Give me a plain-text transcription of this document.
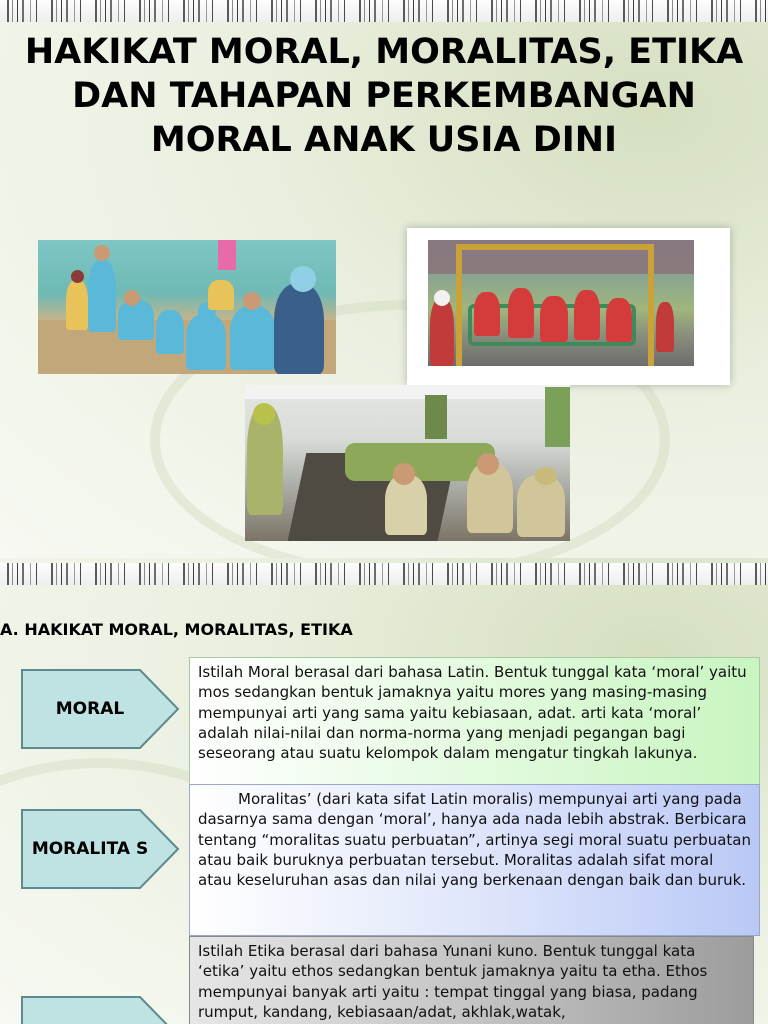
HAKIKAT MORAL, MORALITAS, ETIKA DAN TAHAPAN PERKEMBANGAN MORAL ANAK USIA DINI
A. HAKIKAT MORAL, MORALITAS, ETIKA
MORAL
Istilah Moral berasal dari bahasa Latin. Bentuk tunggal kata ‘moral’ yaitu mos sedangkan bentuk jamaknya yaitu mores yang masing-masing mempunyai arti yang sama yaitu kebiasaan, adat. arti kata ‘moral’ adalah nilai-nilai dan norma-norma yang menjadi pegangan bagi seseorang atau suatu kelompok dalam mengatur tingkah lakunya.
MORALITA S
Moralitas’ (dari kata sifat Latin moralis) mempunyai arti yang pada dasarnya sama dengan ‘moral’, hanya ada nada lebih abstrak. Berbicara tentang “moralitas suatu perbuatan”, artinya segi moral suatu perbuatan atau baik buruknya perbuatan tersebut. Moralitas adalah sifat moral atau keseluruhan asas dan nilai yang berkenaan dengan baik dan buruk.
Istilah Etika berasal dari bahasa Yunani kuno. Bentuk tunggal kata ‘etika’ yaitu ethos sedangkan bentuk jamaknya yaitu ta etha. Ethos mempunyai banyak arti yaitu : tempat tinggal yang biasa, padang rumput, kandang, kebiasaan/adat, akhlak,watak,
